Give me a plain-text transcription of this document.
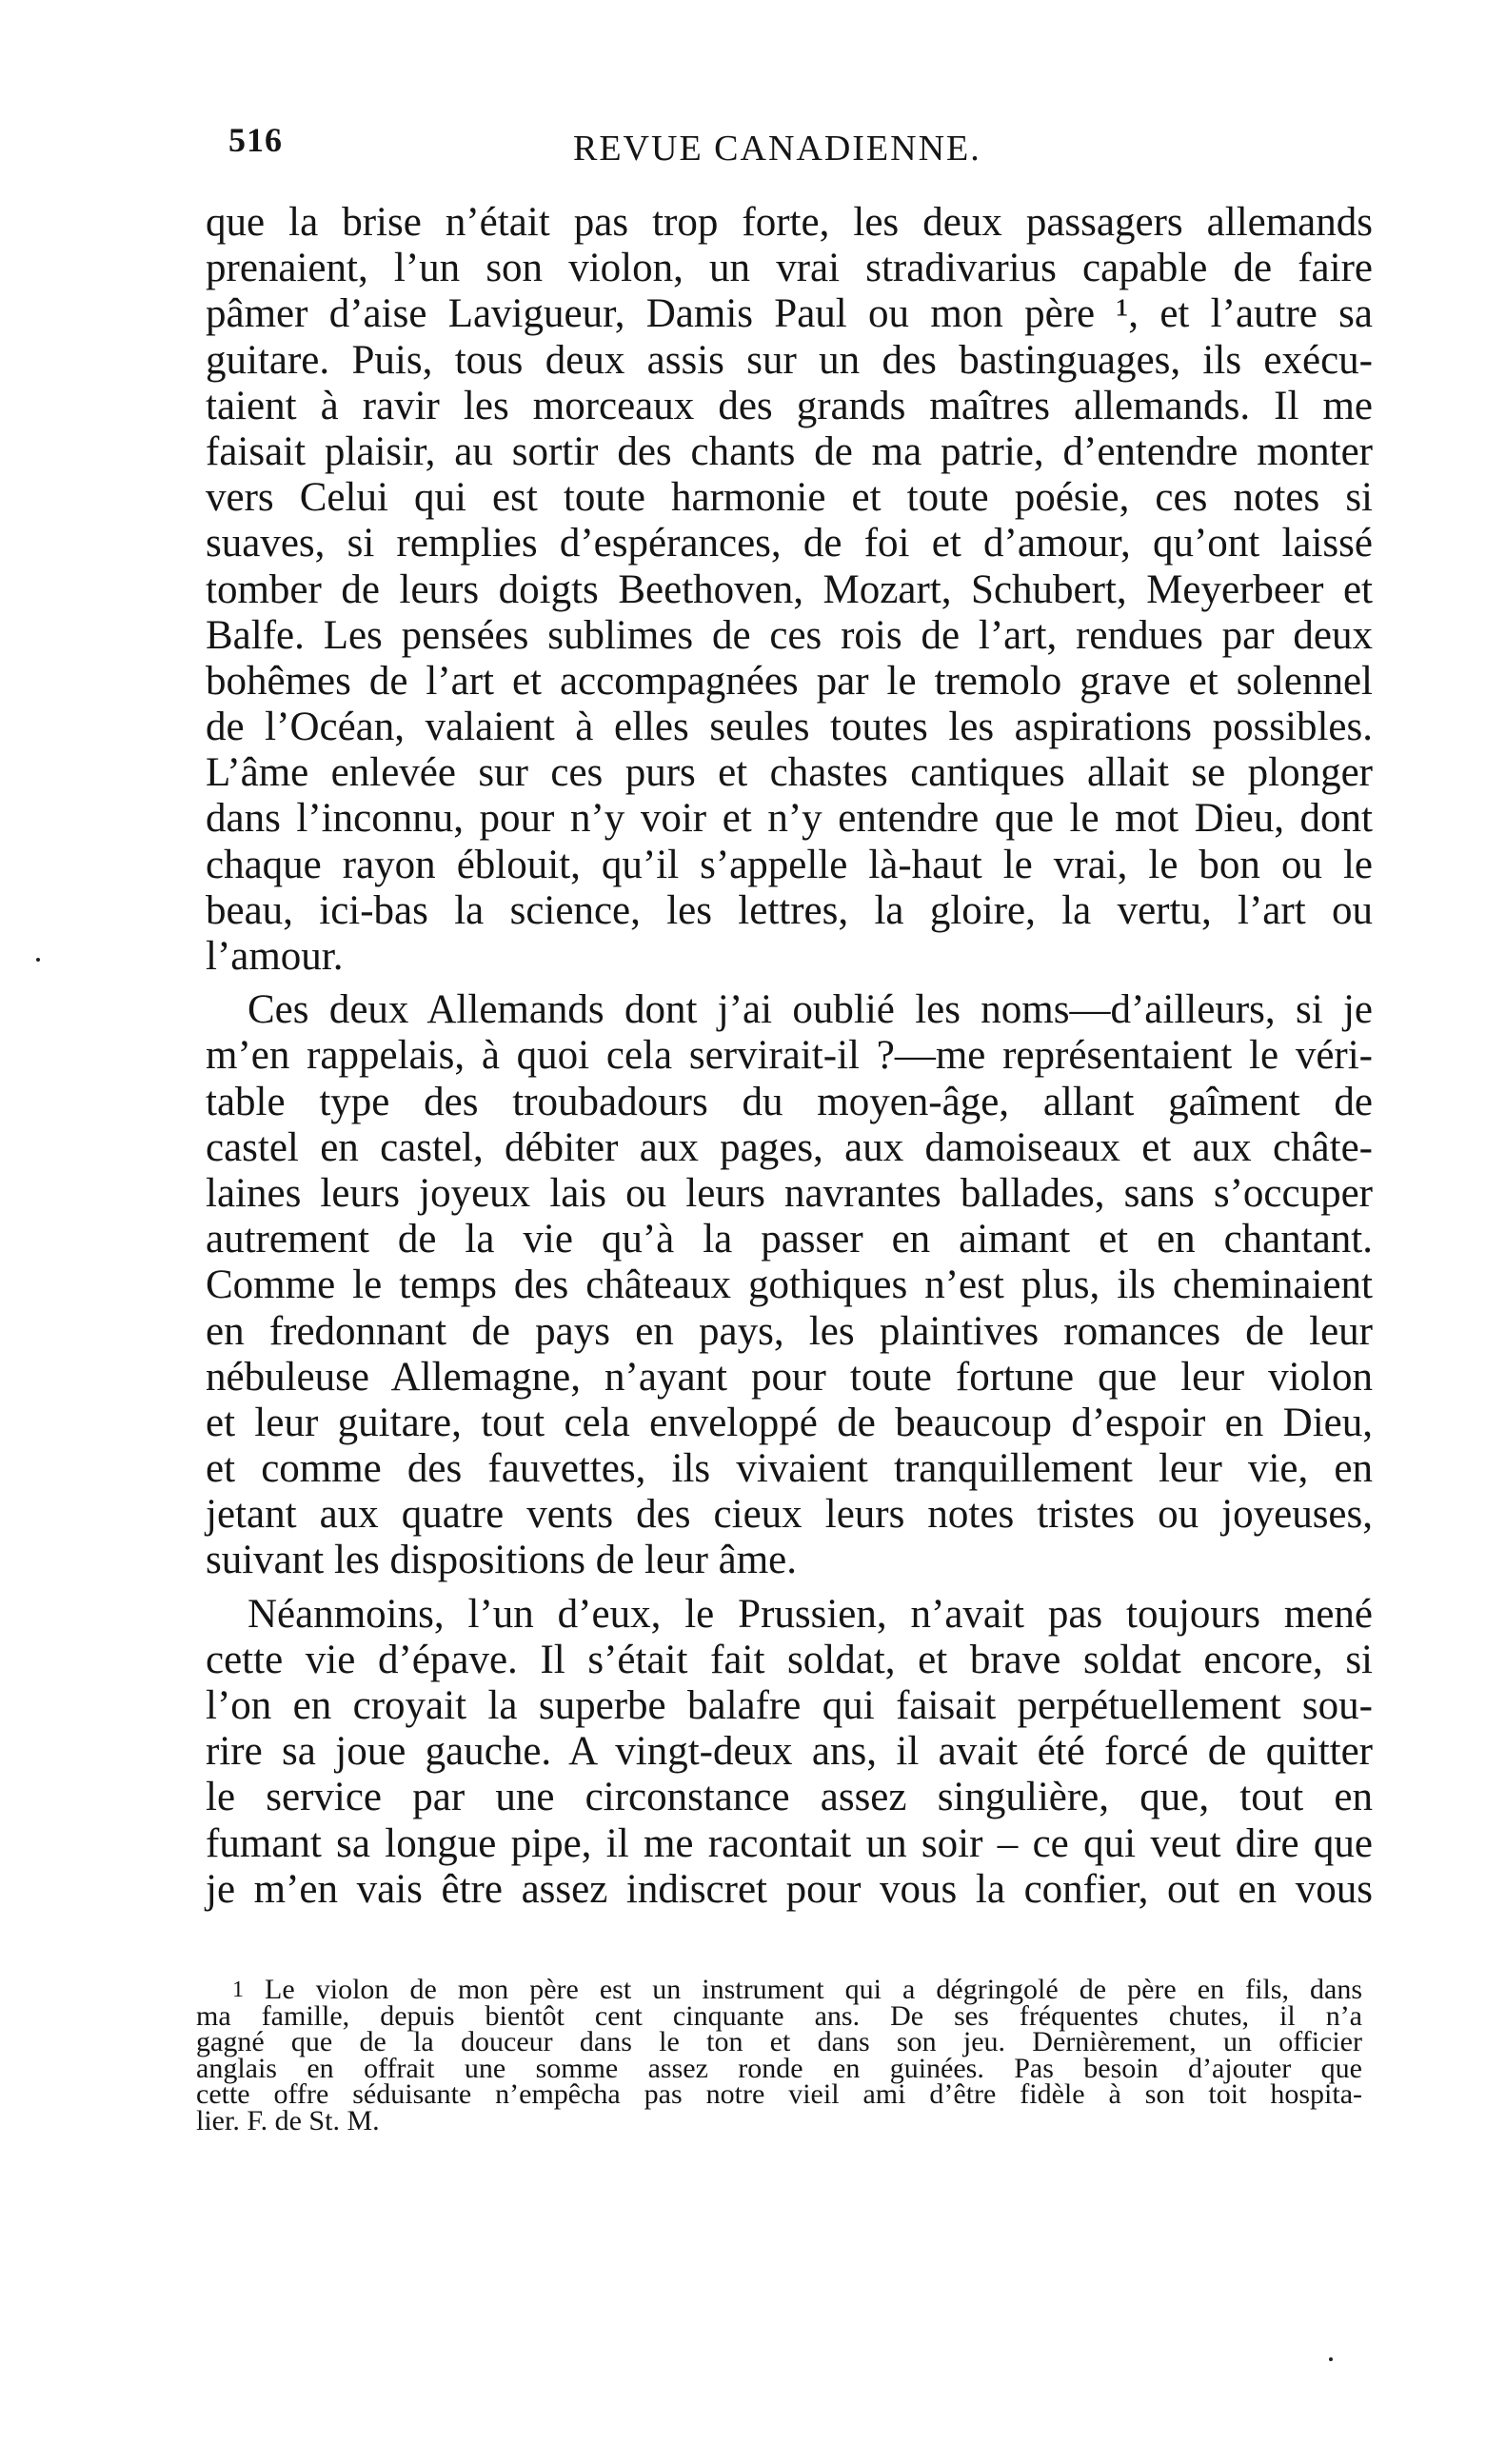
516	REVUE CANADIENNE.
que la brise n’était pas trop forte, les deux passagers allemands
prenaient, l’un son violon, un vrai stradivarius capable de faire
pâmer d’aise Lavigueur, Damis Paul ou mon père ¹, et l’autre sa
guitare. Puis, tous deux assis sur un des bastinguages, ils exécu-
taient à ravir les morceaux des grands maîtres allemands. Il me
faisait plaisir, au sortir des chants de ma patrie, d’entendre monter
vers Celui qui est toute harmonie et toute poésie, ces notes si
suaves, si remplies d’espérances, de foi et d’amour, qu’ont laissé
tomber de leurs doigts Beethoven, Mozart, Schubert, Meyerbeer et
Balfe. Les pensées sublimes de ces rois de l’art, rendues par deux
bohêmes de l’art et accompagnées par le tremolo grave et solennel
de l’Océan, valaient à elles seules toutes les aspirations possibles.
L’âme enlevée sur ces purs et chastes cantiques allait se plonger
dans l’inconnu, pour n’y voir et n’y entendre que le mot Dieu, dont
chaque rayon éblouit, qu’il s’appelle là-haut le vrai, le bon ou le
beau, ici-bas la science, les lettres, la gloire, la vertu, l’art ou
l’amour.
Ces deux Allemands dont j’ai oublié les noms—d’ailleurs, si je
m’en rappelais, à quoi cela servirait-il ?—me représentaient le véri-
table type des troubadours du moyen-âge, allant gaîment de
castel en castel, débiter aux pages, aux damoiseaux et aux châte-
laines leurs joyeux lais ou leurs navrantes ballades, sans s’occuper
autrement de la vie qu’à la passer en aimant et en chantant.
Comme le temps des châteaux gothiques n’est plus, ils cheminaient
en fredonnant de pays en pays, les plaintives romances de leur
nébuleuse Allemagne, n’ayant pour toute fortune que leur violon
et leur guitare, tout cela enveloppé de beaucoup d’espoir en Dieu,
et comme des fauvettes, ils vivaient tranquillement leur vie, en
jetant aux quatre vents des cieux leurs notes tristes ou joyeuses,
suivant les dispositions de leur âme.
Néanmoins, l’un d’eux, le Prussien, n’avait pas toujours mené
cette vie d’épave. Il s’était fait soldat, et brave soldat encore, si
l’on en croyait la superbe balafre qui faisait perpétuellement sou-
rire sa joue gauche. A vingt-deux ans, il avait été forcé de quitter
le service par une circonstance assez singulière, que, tout en
fumant sa longue pipe, il me racontait un soir – ce qui veut dire que
je m’en vais être assez indiscret pour vous la confier, out en vous
1 Le violon de mon père est un instrument qui a dégringolé de père en fils, dans
ma famille, depuis bientôt cent cinquante ans. De ses fréquentes chutes, il n’a
gagné que de la douceur dans le ton et dans son jeu. Dernièrement, un officier
anglais en offrait une somme assez ronde en guinées. Pas besoin d’ajouter que
cette offre séduisante n’empêcha pas notre vieil ami d’être fidèle à son toit hospita-
lier. F. de St. M.
